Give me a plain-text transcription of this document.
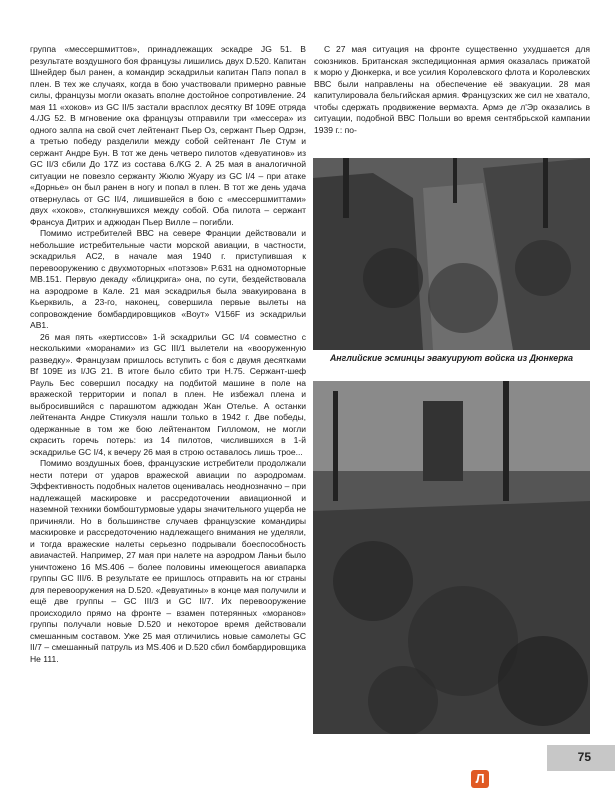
группа «мессершмиттов», принадлежащих эскадре JG 51. В результате воздушного боя французы лишились двух D.520. Капитан Шнейдер был ранен, а командир эскадрильи капитан Папэ попал в плен. В тех же случаях, когда в бою участвовали примерно равные силы, французы могли оказать вполне достойное сопротивление. 24 мая 11 «хоков» из GC II/5 застали врасплох десятку Bf 109E отряда 4./JG 52. В мгновение ока французы отправили три «мессера» из одного залпа на свой счет лейтенант Пьер Оз, сержант Пьер Одрэн, а третью победу разделили между собой сейтенант Ле Стум и сержант Андре Бун. В тот же день четверо пилотов «девуатинов» из GC II/3 сбили До 17Z из состава 6./KG 2. А 25 мая в аналогичной ситуации не повезло сержанту Жюлю Жуару из GC I/4 – при атаке «Дорнье» он был ранен в ногу и попал в плен. В тот же день удача отвернулась от GC II/4, лишившейся в бою с «мессершмиттами» двух «хоков», столкнувшихся между собой. Оба пилота – сержант Франсуа Дитрих и аджюдан Пьер Вилле – погибли.

Помимо истребителей ВВС на севере Франции действовали и небольшие истребительные части морской авиации, в частности, эскадрилья AC2, в начале мая 1940 г. приступившая к перевооружению с двухмоторных «потэзов» P.631 на одномоторные MB.151. Первую декаду «блицкрига» она, по сути, бездействовала на аэродроме в Кале. 21 мая эскадрилья была эвакуирована в Кьерквиль, а 23-го, наконец, совершила первые вылеты на сопровождение бомбардировщиков «Воут» V156F из эскадрильи AB1.

26 мая пять «кертиссов» 1-й эскадрильи GC I/4 совместно с несколькими «моранами» из GC III/1 вылетели на «вооруженную разведку». Французам пришлось вступить с боя с двумя десятками Bf 109E из I/JG 21. В итоге было сбито три H.75. Сержант-шеф Рауль Бес совершил посадку на подбитой машине в поле на вражеской территории и попал в плен. Не избежал плена и выбросившийся с парашютом аджюдан Жан Отелье. А останки лейтенанта Андре Стикуэля нашли только в 1942 г. Две победы, одержанные в том же бою лейтенантом Гилломом, не могли скрасить горечь потерь: из 14 пилотов, числившихся в 1-й эскадрилье GC I/4, к вечеру 26 мая в строю оставалось лишь трое...

Помимо воздушных боев, французские истребители продолжали нести потери от ударов вражеской авиации по аэродромам. Эффективность подобных налетов оценивалась неоднозначно – при надлежащей маскировке и рассредоточении авиационной и наземной техники бомбоштурмовые удары значительного ущерба не причиняли. Но в большинстве случаев французские командиры маскировке и рассредоточению надлежащего внимания не уделяли, и тогда вражеские налеты серьезно подрывали боеспособность авиачастей. Например, 27 мая при налете на аэродром Ланьи было уничтожено 16 MS.406 – более половины имеющегося авиапарка группы GC III/6. В результате ее пришлось отправить на юг страны для перевооружения на D.520. «Девуатины» в конце мая получили и ещё две группы – GC III/3 и GC II/7. Их перевооружение происходило прямо на фронте – взамен потерянных «моранов» группы получали новые D.520 и некоторое время действовали смешанным составом. Уже 25 мая отличились новые самолеты GC II/7 – смешанный патруль из MS.406 и D.520 сбил бомбардировщика He 111.

С 27 мая ситуация на фронте существенно ухудшается для союзников. Британская экспедиционная армия оказалась прижатой к морю у Дюнкерка, и все усилия Королевского флота и Королевских ВВС были направлены на обеспечение её эвакуации. 28 мая капитулировала бельгийская армия. Французских же сил не хватало, чтобы сдержать продвижение вермахта. Армэ де л'Эр оказались в ситуации, подобной ВВС Польши во время сентябрьской кампании 1939 г.: по-

Английские эсминцы эвакуируют войска из Дюнкерка
75
Л
